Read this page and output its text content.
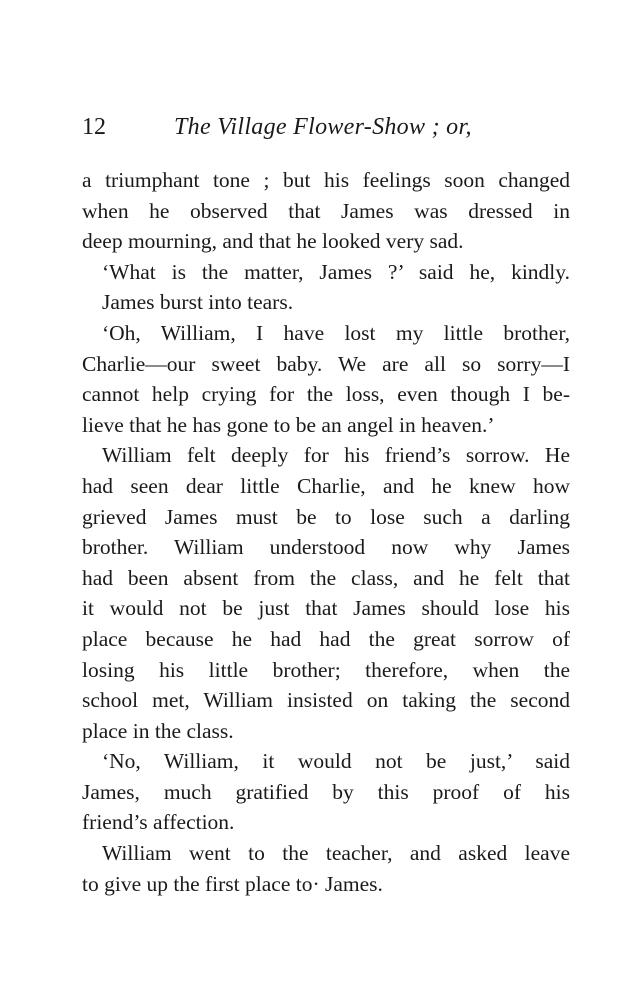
12	The Village Flower-Show ; or,
a triumphant tone ; but his feelings soon changed
when he observed that James was dressed in
deep mourning, and that he looked very sad.
‘What is the matter, James ?’ said he, kindly.
James burst into tears.
‘Oh, William, I have lost my little brother,
Charlie—our sweet baby. We are all so sorry—I
cannot help crying for the loss, even though I be-
lieve that he has gone to be an angel in heaven.’
William felt deeply for his friend’s sorrow. He
had seen dear little Charlie, and he knew how
grieved James must be to lose such a darling
brother. William understood now why James
had been absent from the class, and he felt that
it would not be just that James should lose his
place because he had had the great sorrow of
losing his little brother; therefore, when the
school met, William insisted on taking the second
place in the class.
‘No, William, it would not be just,’ said
James, much gratified by this proof of his
friend’s affection.
William went to the teacher, and asked leave
to give up the first place to· James.
